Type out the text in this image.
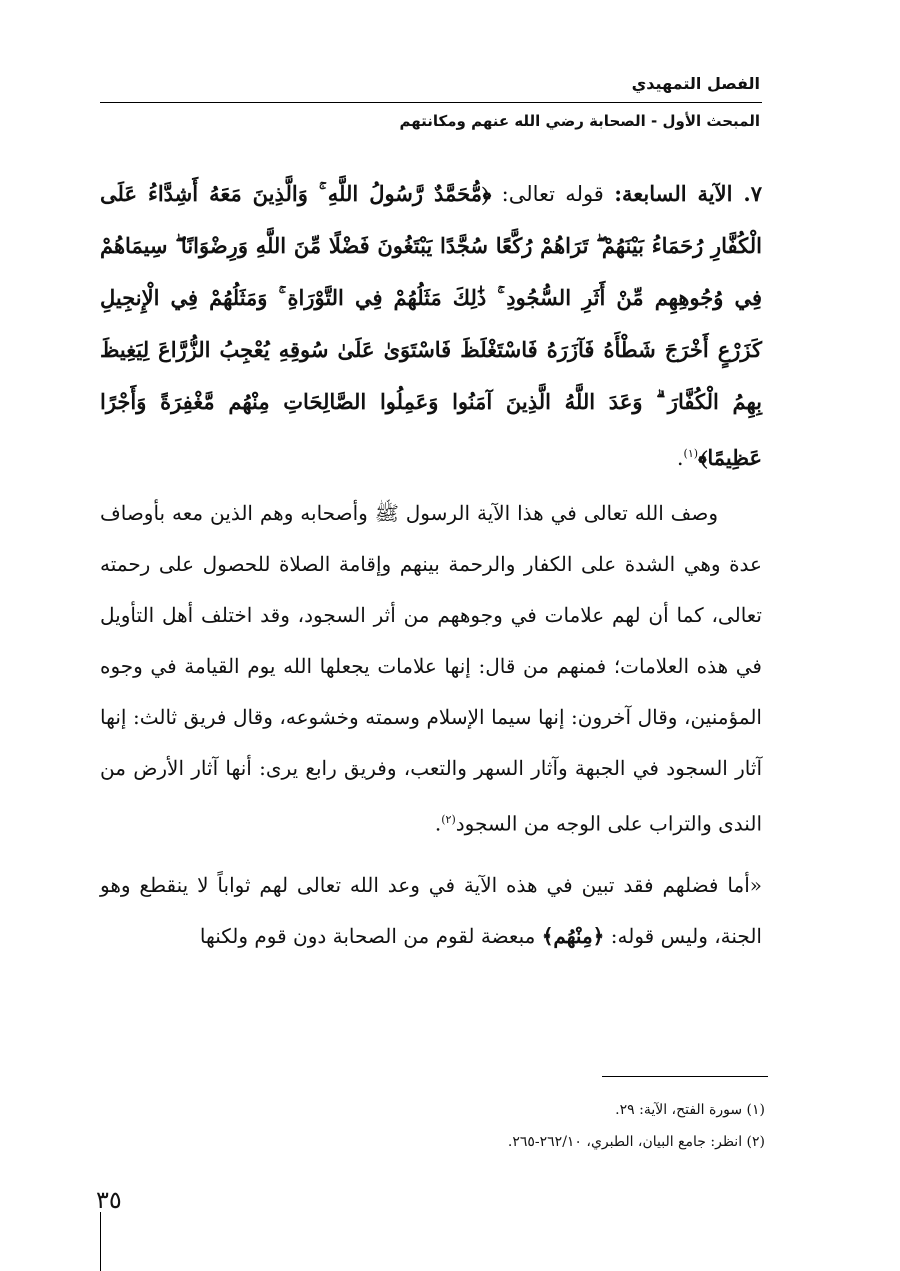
الفصل التمهيدي
المبحث الأول - الصحابة رضي الله عنهم ومكانتهم

٧. الآية السابعة: قوله تعالى: ﴿مُّحَمَّدٌ رَّسُولُ اللَّهِ ۚ وَالَّذِينَ مَعَهُ أَشِدَّاءُ عَلَى الْكُفَّارِ رُحَمَاءُ بَيْنَهُمْ ۖ تَرَاهُمْ رُكَّعًا سُجَّدًا يَبْتَغُونَ فَضْلًا مِّنَ اللَّهِ وَرِضْوَانًا ۖ سِيمَاهُمْ فِي وُجُوهِهِم مِّنْ أَثَرِ السُّجُودِ ۚ ذَٰلِكَ مَثَلُهُمْ فِي التَّوْرَاةِ ۚ وَمَثَلُهُمْ فِي الْإِنجِيلِ كَزَرْعٍ أَخْرَجَ شَطْأَهُ فَآزَرَهُ فَاسْتَغْلَظَ فَاسْتَوَىٰ عَلَىٰ سُوقِهِ يُعْجِبُ الزُّرَّاعَ لِيَغِيظَ بِهِمُ الْكُفَّارَ ۗ وَعَدَ اللَّهُ الَّذِينَ آمَنُوا وَعَمِلُوا الصَّالِحَاتِ مِنْهُم مَّغْفِرَةً وَأَجْرًا عَظِيمًا﴾$^{(١)}$.

وصف الله تعالى في هذا الآية الرسول ﷺ وأصحابه وهم الذين معه بأوصاف عدة وهي الشدة على الكفار والرحمة بينهم وإقامة الصلاة للحصول على رحمته تعالى، كما أن لهم علامات في وجوههم من أثر السجود، وقد اختلف أهل التأويل في هذه العلامات؛ فمنهم من قال: إنها علامات يجعلها الله يوم القيامة في وجوه المؤمنين، وقال آخرون: إنها سيما الإسلام وسمته وخشوعه، وقال فريق ثالث: إنها آثار السجود في الجبهة وآثار السهر والتعب، وفريق رابع يرى: أنها آثار الأرض من الندى والتراب على الوجه من السجود$^{(٢)}$.

«أما فضلهم فقد تبين في هذه الآية في وعد الله تعالى لهم ثواباً لا ينقطع وهو الجنة، وليس قوله: ﴿مِنْهُم﴾ مبعضة لقوم من الصحابة دون قوم ولكنها

(١) سورة الفتح، الآية: ٢٩.

(٢) انظر: جامع البيان، الطبري، ٢٦٢/١٠-٢٦٥.

٣٥
